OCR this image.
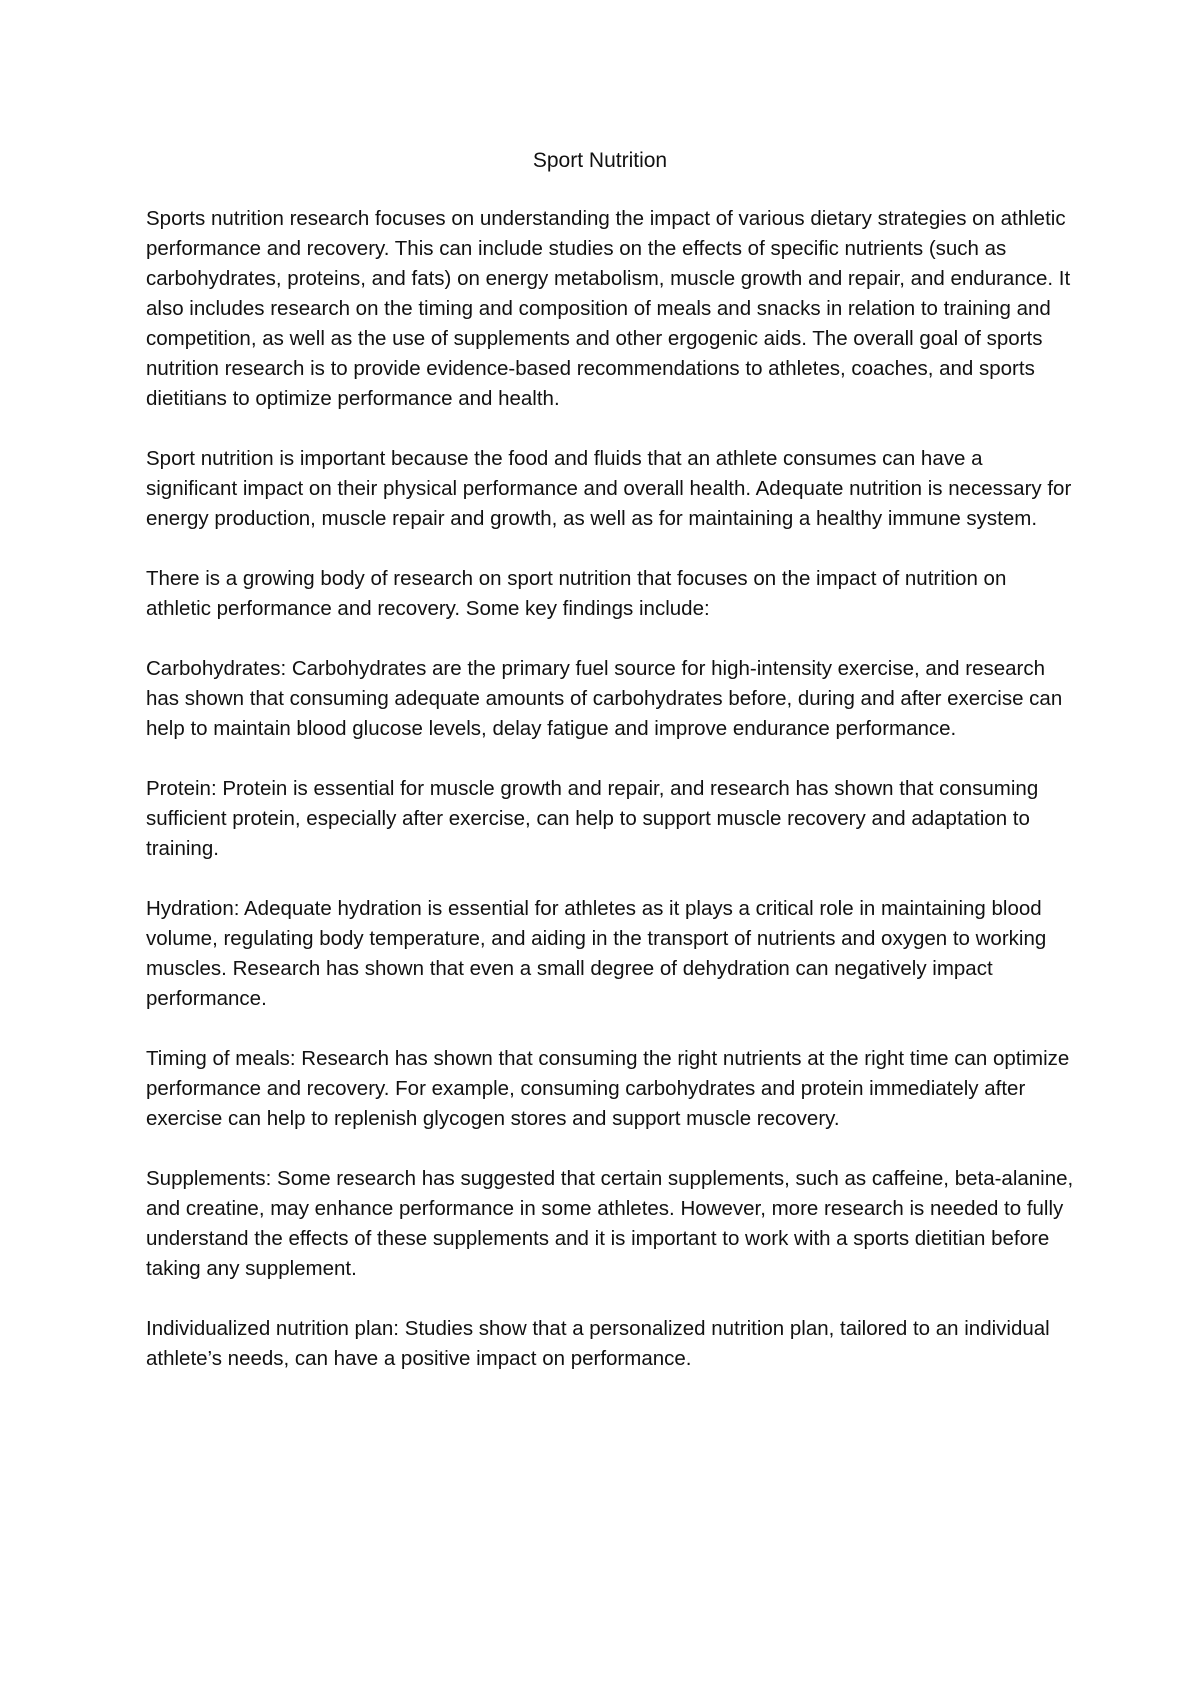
Sport Nutrition

Sports nutrition research focuses on understanding the impact of various dietary strategies on athletic performance and recovery. This can include studies on the effects of specific nutrients (such as carbohydrates, proteins, and fats) on energy metabolism, muscle growth and repair, and endurance. It also includes research on the timing and composition of meals and snacks in relation to training and competition, as well as the use of supplements and other ergogenic aids. The overall goal of sports nutrition research is to provide evidence-based recommendations to athletes, coaches, and sports dietitians to optimize performance and health.

Sport nutrition is important because the food and fluids that an athlete consumes can have a significant impact on their physical performance and overall health. Adequate nutrition is necessary for energy production, muscle repair and growth, as well as for maintaining a healthy immune system.

There is a growing body of research on sport nutrition that focuses on the impact of nutrition on athletic performance and recovery. Some key findings include:

Carbohydrates: Carbohydrates are the primary fuel source for high-intensity exercise, and research has shown that consuming adequate amounts of carbohydrates before, during and after exercise can help to maintain blood glucose levels, delay fatigue and improve endurance performance.

Protein: Protein is essential for muscle growth and repair, and research has shown that consuming sufficient protein, especially after exercise, can help to support muscle recovery and adaptation to training.

Hydration: Adequate hydration is essential for athletes as it plays a critical role in maintaining blood volume, regulating body temperature, and aiding in the transport of nutrients and oxygen to working muscles. Research has shown that even a small degree of dehydration can negatively impact performance.

Timing of meals: Research has shown that consuming the right nutrients at the right time can optimize performance and recovery. For example, consuming carbohydrates and protein immediately after exercise can help to replenish glycogen stores and support muscle recovery.

Supplements: Some research has suggested that certain supplements, such as caffeine, beta-alanine, and creatine, may enhance performance in some athletes. However, more research is needed to fully understand the effects of these supplements and it is important to work with a sports dietitian before taking any supplement.

Individualized nutrition plan: Studies show that a personalized nutrition plan, tailored to an individual athlete’s needs, can have a positive impact on performance.
